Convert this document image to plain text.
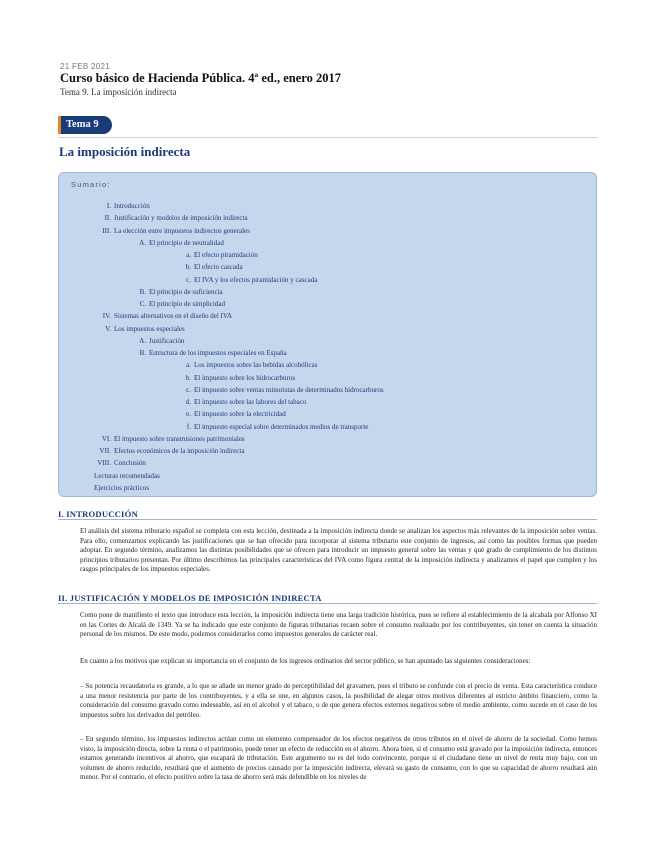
21 FEB 2021
Curso básico de Hacienda Pública. 4ª ed., enero 2017
Tema 9. La imposición indirecta
Tema 9
La imposición indirecta
Sumario:
I. Introducción
II. Justificación y modelos de imposición indirecta
III. La elección entre impuestos indirectos generales
A. El principio de neutralidad
a. El efecto piramidación
b. El efecto cascada
c. El IVA y los efectos piramidación y cascada
B. El principio de suficiencia
C. El principio de simplicidad
IV. Sistemas alternativos en el diseño del IVA
V. Los impuestos especiales
A. Justificación
B. Estructura de los impuestos especiales en España
a. Los impuestos sobre las bebidas alcohólicas
b. El impuesto sobre los hidrocarburos
c. El impuesto sobre ventas minoristas de determinados hidrocarburos
d. El impuesto sobre las labores del tabaco
e. El impuesto sobre la electricidad
f. El impuesto especial sobre determinados medios de transporte
VI. El impuesto sobre transmisiones patrimoniales
VII. Efectos económicos de la imposición indirecta
VIII. Conclusión
Lecturas recomendadas
Ejercicios prácticos
I. INTRODUCCIÓN
El análisis del sistema tributario español se completa con esta lección, destinada a la imposición indirecta donde se analizan los aspectos más relevantes de la imposición sobre ventas. Para ello, comenzamos explicando las justificaciones que se han ofrecido para incorporar al sistema tributario este conjunto de ingresos, así como las posibles formas que pueden adoptar. En segundo término, analizamos las distintas posibilidades que se ofrecen para introducir un impuesto general sobre las ventas y qué grado de cumplimiento de los distintos principios tributarios presentan. Por último describimos las principales características del IVA como figura central de la imposición indirecta y analizamos el papel que cumplen y los rasgos principales de los impuestos especiales.
II. JUSTIFICACIÓN Y MODELOS DE IMPOSICIÓN INDIRECTA
Como pone de manifiesto el texto que introduce esta lección, la imposición indirecta tiene una larga tradición histórica, pues se refiere al establecimiento de la alcabala por Alfonso XI en las Cortes de Alcalá de 1349. Ya se ha indicado que este conjunto de figuras tributarias recaen sobre el consumo realizado por los contribuyentes, sin tener en cuenta la situación personal de los mismos. De este modo, podemos considerarlos como impuestos generales de carácter real.
En cuanto a los motivos que explican su importancia en el conjunto de los ingresos ordinarios del sector público, se han apuntado las siguientes consideraciones:
– Su potencia recaudatoria es grande, a lo que se añade un menor grado de perceptibilidad del gravamen, pues el tributo se confunde con el precio de venta. Esta característica conduce a una menor resistencia por parte de los contribuyentes, y a ella se une, en algunos casos, la posibilidad de alegar otros motivos diferentes al estricto ámbito financiero, como la consideración del consumo gravado como indeseable, así en el alcohol y el tabaco, o de que genera efectos externos negativos sobre el medio ambiente, como sucede en el caso de los impuestos sobre los derivados del petróleo.
– En segundo término, los impuestos indirectos actúan como un elemento compensador de los efectos negativos de otros tributos en el nivel de ahorro de la sociedad. Como hemos visto, la imposición directa, sobre la renta o el patrimonio, puede tener un efecto de reducción en el ahorro. Ahora bien, si el consumo está gravado por la imposición indirecta, entonces estamos generando incentivos al ahorro, que escapará de tributación. Este argumento no es del todo convincente, porque si el ciudadano tiene un nivel de renta muy bajo, con un volumen de ahorro reducido, resultará que el aumento de precios causado por la imposición indirecta, elevará su gasto de consumo, con lo que su capacidad de ahorro resultará aún menor. Por el contrario, el efecto positivo sobre la tasa de ahorro será más defendible en los niveles de
